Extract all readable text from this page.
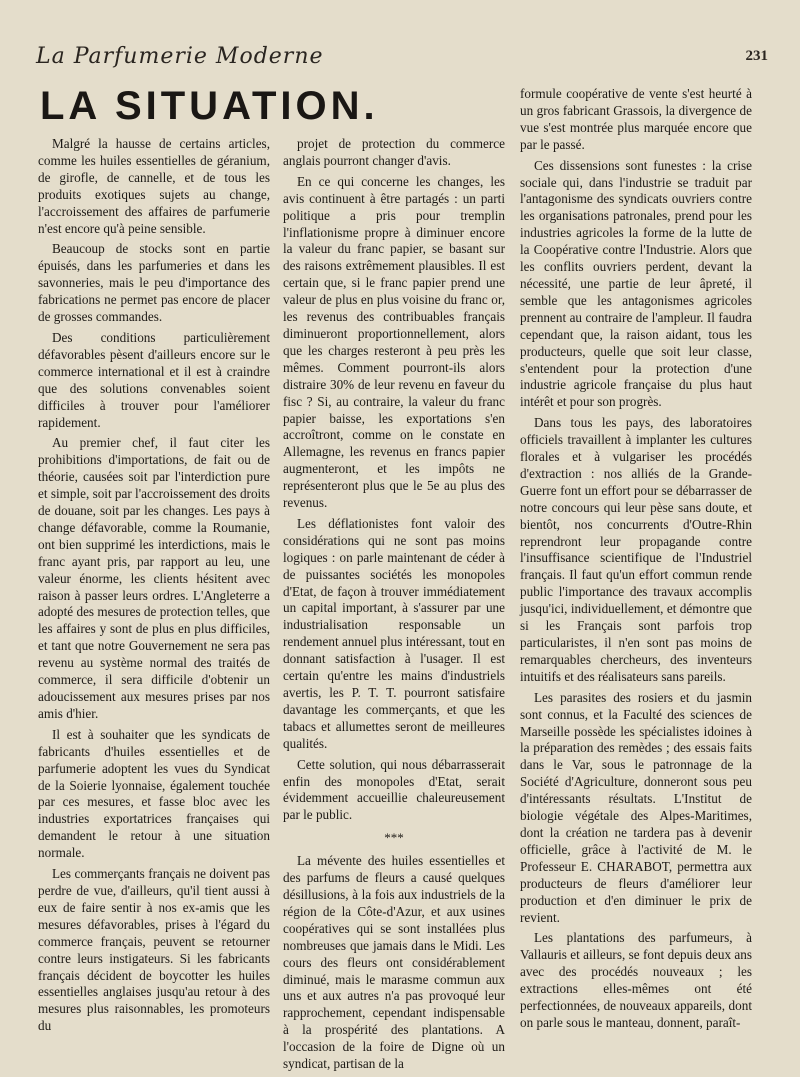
La Parfumerie Moderne	231
LA SITUATION.

Malgré la hausse de certains articles, comme les huiles essentielles de géranium, de girofle, de cannelle, et de tous les produits exotiques sujets au change, l'accroissement des affaires de parfumerie n'est encore qu'à peine sensible.

Beaucoup de stocks sont en partie épuisés, dans les parfumeries et dans les savonneries, mais le peu d'importance des fabrications ne permet pas encore de placer de grosses commandes.

Des conditions particulièrement défavorables pèsent d'ailleurs encore sur le commerce international et il est à craindre que des solutions convenables soient difficiles à trouver pour l'améliorer rapidement.

Au premier chef, il faut citer les prohibitions d'importations, de fait ou de théorie, causées soit par l'interdiction pure et simple, soit par l'accroissement des droits de douane, soit par les changes. Les pays à change défavorable, comme la Roumanie, ont bien supprimé les interdictions, mais le franc ayant pris, par rapport au leu, une valeur énorme, les clients hésitent avec raison à passer leurs ordres. L'Angleterre a adopté des mesures de protection telles, que les affaires y sont de plus en plus difficiles, et tant que notre Gouvernement ne sera pas revenu au système normal des traités de commerce, il sera difficile d'obtenir un adoucissement aux mesures prises par nos amis d'hier.

Il est à souhaiter que les syndicats de fabricants d'huiles essentielles et de parfumerie adoptent les vues du Syndicat de la Soierie lyonnaise, également touchée par ces mesures, et fasse bloc avec les industries exportatrices françaises qui demandent le retour à une situation normale.

Les commerçants français ne doivent pas perdre de vue, d'ailleurs, qu'il tient aussi à eux de faire sentir à nos ex-amis que les mesures défavorables, prises à l'égard du commerce français, peuvent se retourner contre leurs instigateurs. Si les fabricants français décident de boycotter les huiles essentielles anglaises jusqu'au retour à des mesures plus raisonnables, les promoteurs du

projet de protection du commerce anglais pourront changer d'avis.

En ce qui concerne les changes, les avis continuent à être partagés : un parti politique a pris pour tremplin l'inflationisme propre à diminuer encore la valeur du franc papier, se basant sur des raisons extrêmement plausibles. Il est certain que, si le franc papier prend une valeur de plus en plus voisine du franc or, les revenus des contribuables français diminueront proportionnellement, alors que les charges resteront à peu près les mêmes. Comment pourront-ils alors distraire 30% de leur revenu en faveur du fisc ? Si, au contraire, la valeur du franc papier baisse, les exportations s'en accroîtront, comme on le constate en Allemagne, les revenus en francs papier augmenteront, et les impôts ne représenteront plus que le 5e au plus des revenus.

Les déflationistes font valoir des considérations qui ne sont pas moins logiques : on parle maintenant de céder à de puissantes sociétés les monopoles d'Etat, de façon à trouver immédiatement un capital important, à s'assurer par une industrialisation responsable un rendement annuel plus intéressant, tout en donnant satisfaction à l'usager. Il est certain qu'entre les mains d'industriels avertis, les P. T. T. pourront satisfaire davantage les commerçants, et que les tabacs et allumettes seront de meilleures qualités.

Cette solution, qui nous débarrasserait enfin des monopoles d'Etat, serait évidemment accueillie chaleureusement par le public.

***

La mévente des huiles essentielles et des parfums de fleurs a causé quelques désillusions, à la fois aux industriels de la région de la Côte-d'Azur, et aux usines coopératives qui se sont installées plus nombreuses que jamais dans le Midi. Les cours des fleurs ont considérablement diminué, mais le marasme commun aux uns et aux autres n'a pas provoqué leur rapprochement, cependant indispensable à la prospérité des plantations. A l'occasion de la foire de Digne où un syndicat, partisan de la

formule coopérative de vente s'est heurté à un gros fabricant Grassois, la divergence de vue s'est montrée plus marquée encore que par le passé.

Ces dissensions sont funestes : la crise sociale qui, dans l'industrie se traduit par l'antagonisme des syndicats ouvriers contre les organisations patronales, prend pour les industries agricoles la forme de la lutte de la Coopérative contre l'Industrie. Alors que les conflits ouvriers perdent, devant la nécessité, une partie de leur âpreté, il semble que les antagonismes agricoles prennent au contraire de l'ampleur. Il faudra cependant que, la raison aidant, tous les producteurs, quelle que soit leur classe, s'entendent pour la protection d'une industrie agricole française du plus haut intérêt et pour son progrès.

Dans tous les pays, des laboratoires officiels travaillent à implanter les cultures florales et à vulgariser les procédés d'extraction : nos alliés de la Grande-Guerre font un effort pour se débarrasser de notre concours qui leur pèse sans doute, et bientôt, nos concurrents d'Outre-Rhin reprendront leur propagande contre l'insuffisance scientifique de l'Industriel français. Il faut qu'un effort commun rende public l'importance des travaux accomplis jusqu'ici, individuellement, et démontre que si les Français sont parfois trop particularistes, il n'en sont pas moins de remarquables chercheurs, des inventeurs intuitifs et des réalisateurs sans pareils.

Les parasites des rosiers et du jasmin sont connus, et la Faculté des sciences de Marseille possède les spécialistes idoines à la préparation des remèdes ; des essais faits dans le Var, sous le patronnage de la Société d'Agriculture, donneront sous peu d'intéressants résultats. L'Institut de biologie végétale des Alpes-Maritimes, dont la création ne tardera pas à devenir officielle, grâce à l'activité de M. le Professeur E. CHARABOT, permettra aux producteurs de fleurs d'améliorer leur production et d'en diminuer le prix de revient.

Les plantations des parfumeurs, à Vallauris et ailleurs, se font depuis deux ans avec des procédés nouveaux ; les extractions elles-mêmes ont été perfectionnées, de nouveaux appareils, dont on parle sous le manteau, donnent, paraît-
